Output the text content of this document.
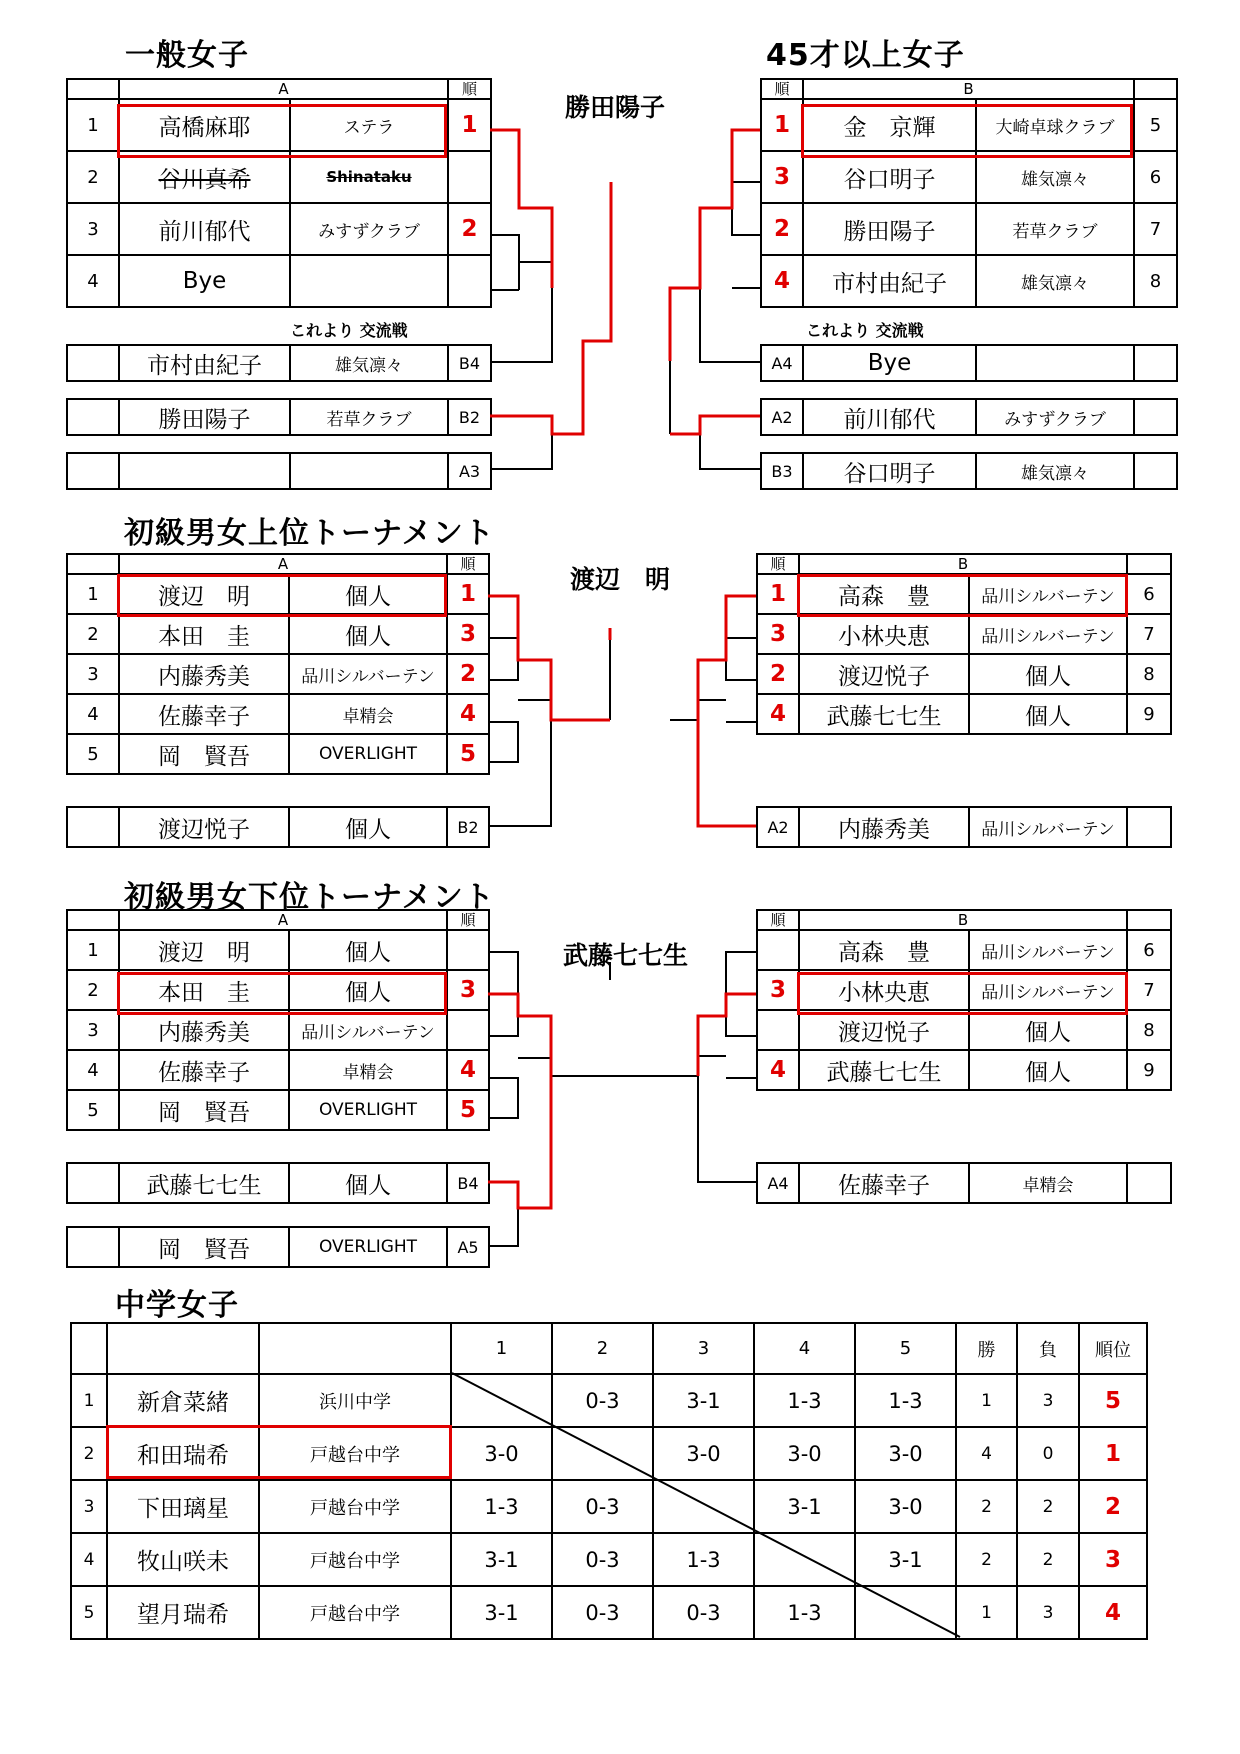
一般女子
	A		順
1	高橋麻耶	ステラ	1
2	谷川真希	Shinataku	
3	前川郁代	みすずクラブ	2
4	Bye		
これより 交流戦
	市村由紀子	雄気凛々	B4
	勝田陽子	若草クラブ	B2
			A3
勝田陽子
45才以上女子
順	B		
1	金　京輝	大崎卓球クラブ	5
3	谷口明子	雄気凛々	6
2	勝田陽子	若草クラブ	7
4	市村由紀子	雄気凛々	8
これより 交流戦
A4	Bye		
A2	前川郁代	みすずクラブ	
B3	谷口明子	雄気凛々	
初級男女上位トーナメント
	A		順
1	渡辺　明	個人	1
2	本田　圭	個人	3
3	内藤秀美	品川シルバーテン	2
4	佐藤幸子	卓精会	4
5	岡　賢吾	OVERLIGHT	5
	渡辺悦子	個人	B2
順	B		
1	高森　豊	品川シルバーテン	6
3	小林央恵	品川シルバーテン	7
2	渡辺悦子	個人	8
4	武藤七七生	個人	9
A2	内藤秀美	品川シルバーテン	
渡辺　明
初級男女下位トーナメント
	A		順
1	渡辺　明	個人	
2	本田　圭	個人	3
3	内藤秀美	品川シルバーテン	
4	佐藤幸子	卓精会	4
5	岡　賢吾	OVERLIGHT	5
	武藤七七生	個人	B4
	岡　賢吾	OVERLIGHT	A5
順	B		
	高森　豊	品川シルバーテン	6
3	小林央恵	品川シルバーテン	7
	渡辺悦子	個人	8
4	武藤七七生	個人	9
A4	佐藤幸子	卓精会	
武藤七七生
中学女子
			1	2	3	4	5	勝	負	順位
1	新倉菜緒	浜川中学		0-3	3-1	1-3	1-3	1	3	5
2	和田瑞希	戸越台中学	3-0		3-0	3-0	3-0	4	0	1
3	下田璃星	戸越台中学	1-3	0-3		3-1	3-0	2	2	2
4	牧山咲未	戸越台中学	3-1	0-3	1-3		3-1	2	2	3
5	望月瑞希	戸越台中学	3-1	0-3	0-3	1-3		1	3	4
